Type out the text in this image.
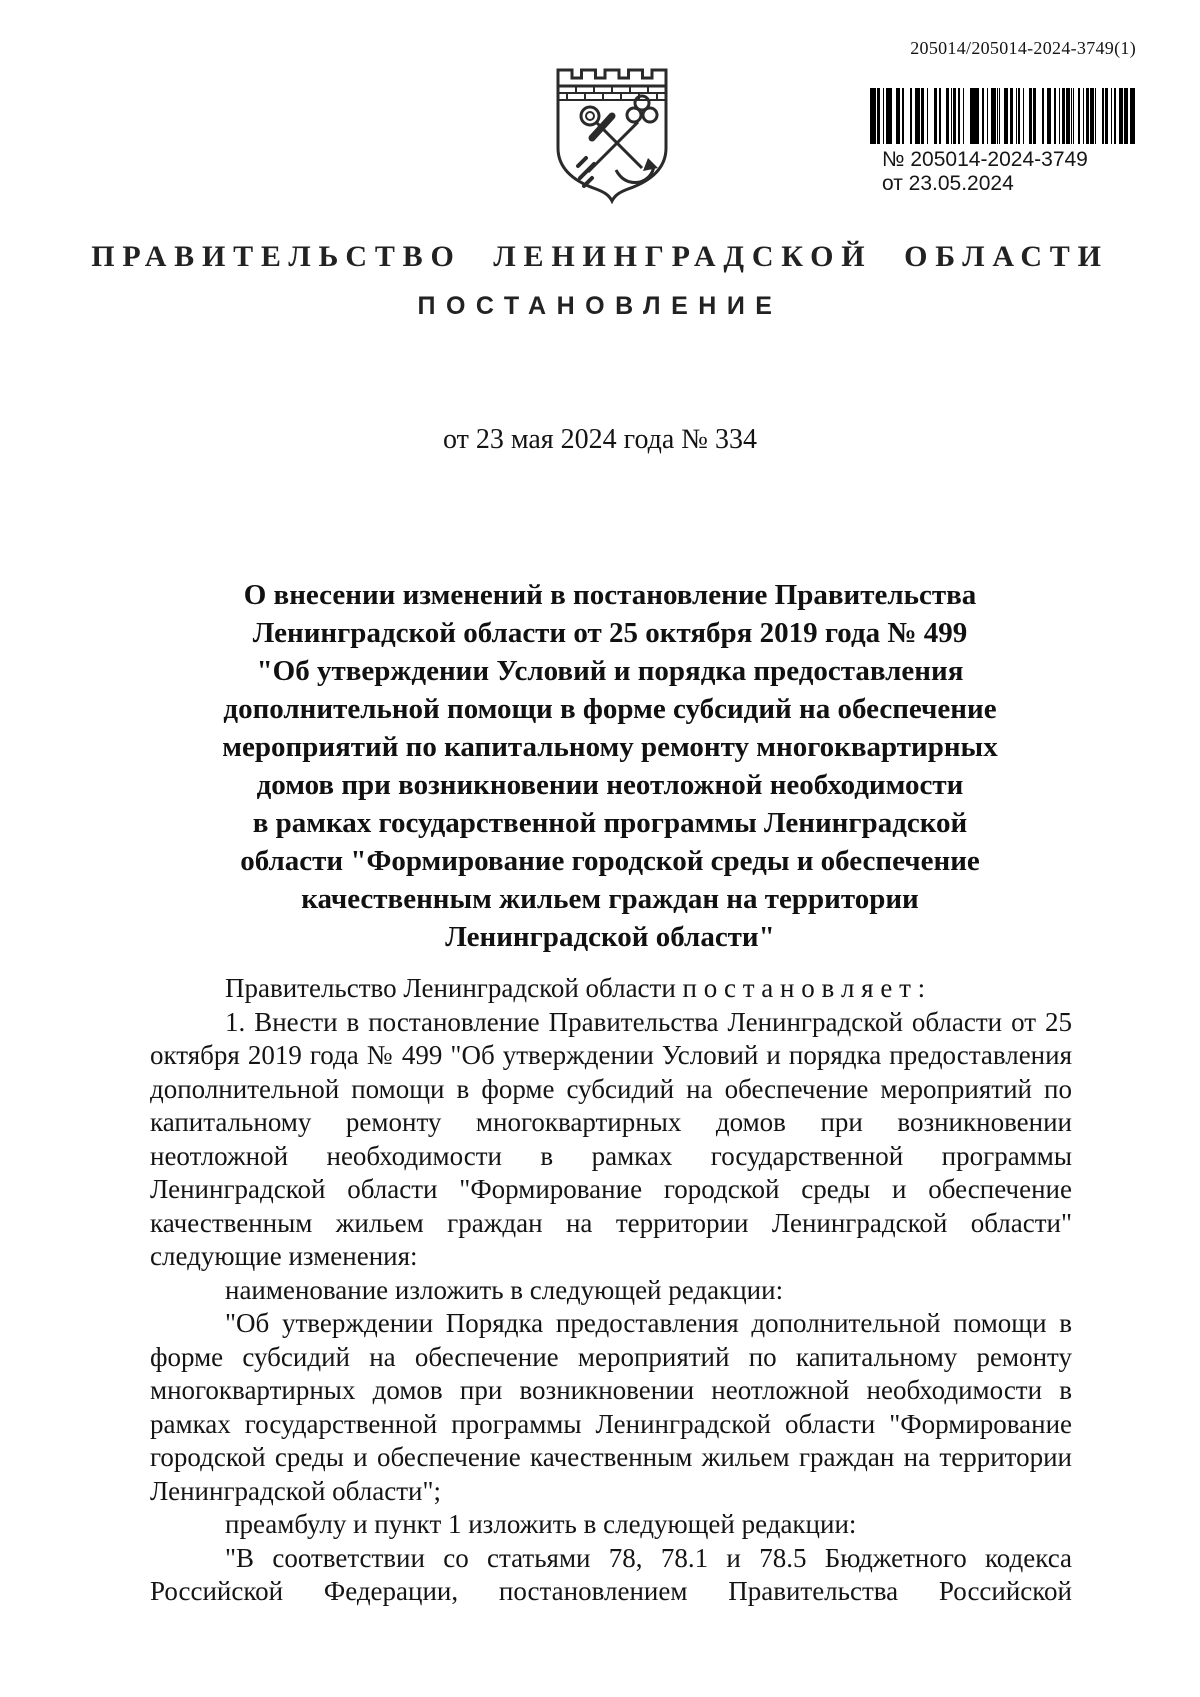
205014/205014-2024-3749(1)
№ 205014-2024-3749
от 23.05.2024
ПРАВИТЕЛЬСТВО ЛЕНИНГРАДСКОЙ ОБЛАСТИ
ПОСТАНОВЛЕНИЕ
от 23 мая 2024 года № 334
О внесении изменений в постановление Правительства
Ленинградской области от 25 октября 2019 года № 499
"Об утверждении Условий и порядка предоставления
дополнительной помощи в форме субсидий на обеспечение
мероприятий по капитальному ремонту многоквартирных
домов при возникновении неотложной необходимости
в рамках государственной программы Ленинградской
области "Формирование городской среды и обеспечение
качественным жильем граждан на территории
Ленинградской области"

Правительство Ленинградской области п о с т а н о в л я е т :

1. Внести в постановление Правительства Ленинградской области от 25 октября 2019 года № 499 "Об утверждении Условий и порядка предоставления дополнительной помощи в форме субсидий на обеспечение мероприятий по капитальному ремонту многоквартирных домов при возникновении неотложной необходимости в рамках государственной программы Ленинградской области "Формирование городской среды и обеспечение качественным жильем граждан на территории Ленинградской области" следующие изменения:

наименование изложить в следующей редакции:

"Об утверждении Порядка предоставления дополнительной помощи в форме субсидий на обеспечение мероприятий по капитальному ремонту многоквартирных домов при возникновении неотложной необходимости в рамках государственной программы Ленинградской области "Формирование городской среды и обеспечение качественным жильем граждан на территории Ленинградской области";

преамбулу и пункт 1 изложить в следующей редакции:

"В соответствии со статьями 78, 78.1 и 78.5 Бюджетного кодекса Российской Федерации, постановлением Правительства Российской
